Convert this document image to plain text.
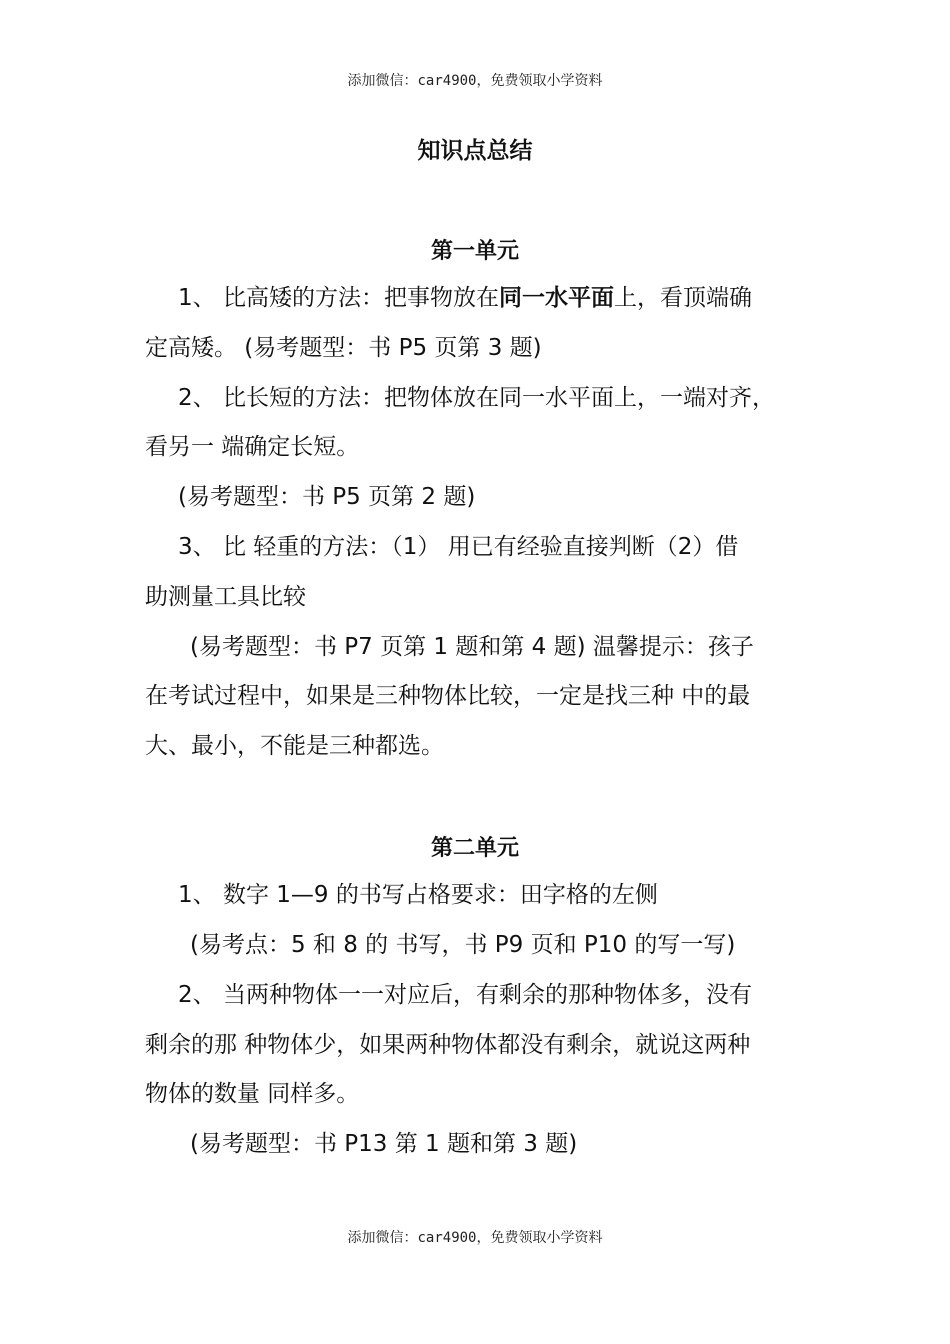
添加微信：car4900，免费领取小学资料
知识点总结
第一单元
1、 比高矮的方法：把事物放在同一水平面上，看顶端确
定高矮。 (易考题型：书 P5 页第 3 题)
2、 比长短的方法：把物体放在同一水平面上，一端对齐，
看另一 端确定长短。
(易考题型：书 P5 页第 2 题)
3、 比 轻重的方法：（1） 用已有经验直接判断（2）借
助测量工具比较
(易考题型：书 P7 页第 1 题和第 4 题) 温馨提示：孩子
在考试过程中，如果是三种物体比较，一定是找三种 中的最
大、最小，不能是三种都选。
第二单元
1、 数字 1—9 的书写占格要求：田字格的左侧
(易考点：5 和 8 的 书写，书 P9 页和 P10 的写一写)
2、 当两种物体一一对应后，有剩余的那种物体多，没有
剩余的那 种物体少，如果两种物体都没有剩余，就说这两种
物体的数量 同样多。
(易考题型：书 P13 第 1 题和第 3 题)
添加微信：car4900，免费领取小学资料
